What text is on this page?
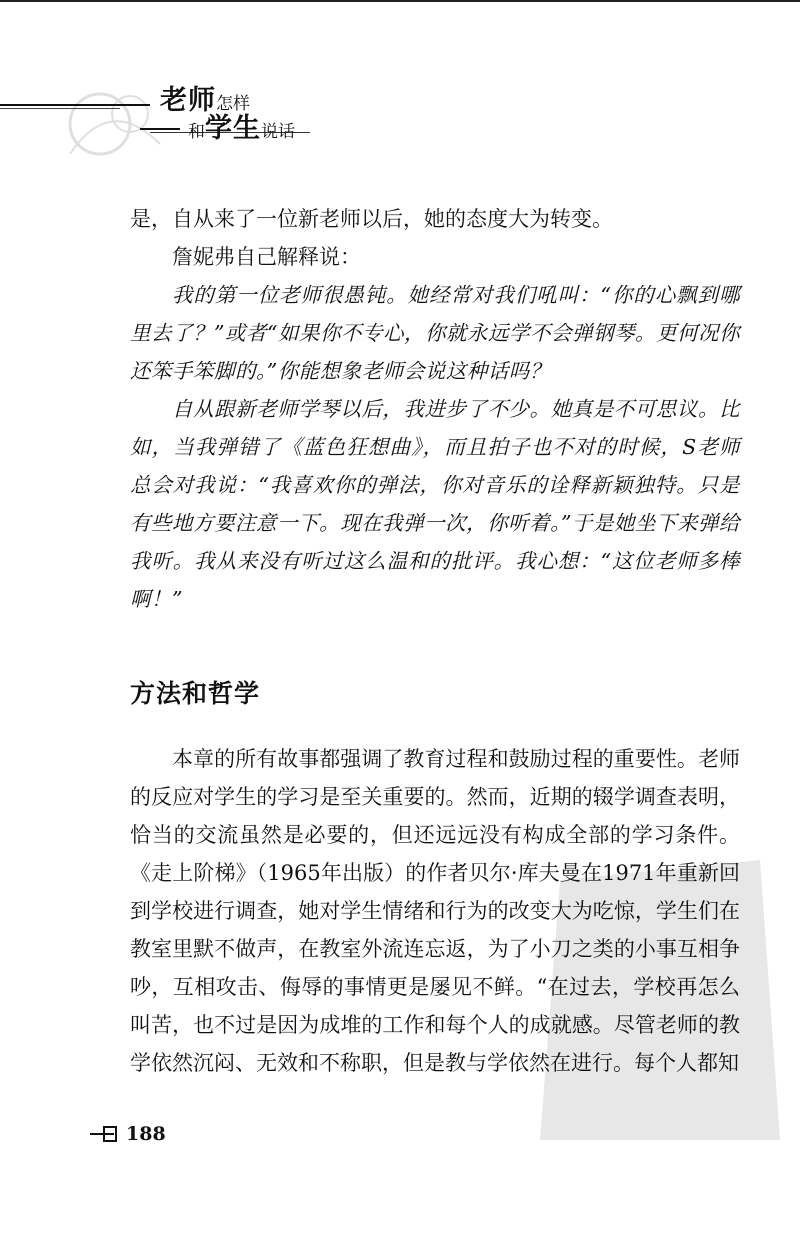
老师怎样
和学生说话

是，自从来了一位新老师以后，她的态度大为转变。

詹妮弗自己解释说：

我的第一位老师很愚钝。她经常对我们吼叫：“你的心飘到哪里去了？”或者“如果你不专心，你就永远学不会弹钢琴。更何况你还笨手笨脚的。”你能想象老师会说这种话吗？

自从跟新老师学琴以后，我进步了不少。她真是不可思议。比如，当我弹错了《蓝色狂想曲》，而且拍子也不对的时候，S老师总会对我说：“我喜欢你的弹法，你对音乐的诠释新颖独特。只是有些地方要注意一下。现在我弹一次，你听着。”于是她坐下来弹给我听。我从来没有听过这么温和的批评。我心想：“这位老师多棒啊！”

方法和哲学

本章的所有故事都强调了教育过程和鼓励过程的重要性。老师的反应对学生的学习是至关重要的。然而，近期的辍学调查表明，恰当的交流虽然是必要的，但还远远没有构成全部的学习条件。《走上阶梯》（1965年出版）的作者贝尔·库夫曼在1971年重新回到学校进行调查，她对学生情绪和行为的改变大为吃惊，学生们在教室里默不做声，在教室外流连忘返，为了小刀之类的小事互相争吵，互相攻击、侮辱的事情更是屡见不鲜。“在过去，学校再怎么叫苦，也不过是因为成堆的工作和每个人的成就感。尽管老师的教学依然沉闷、无效和不称职，但是教与学依然在进行。每个人都知

188
